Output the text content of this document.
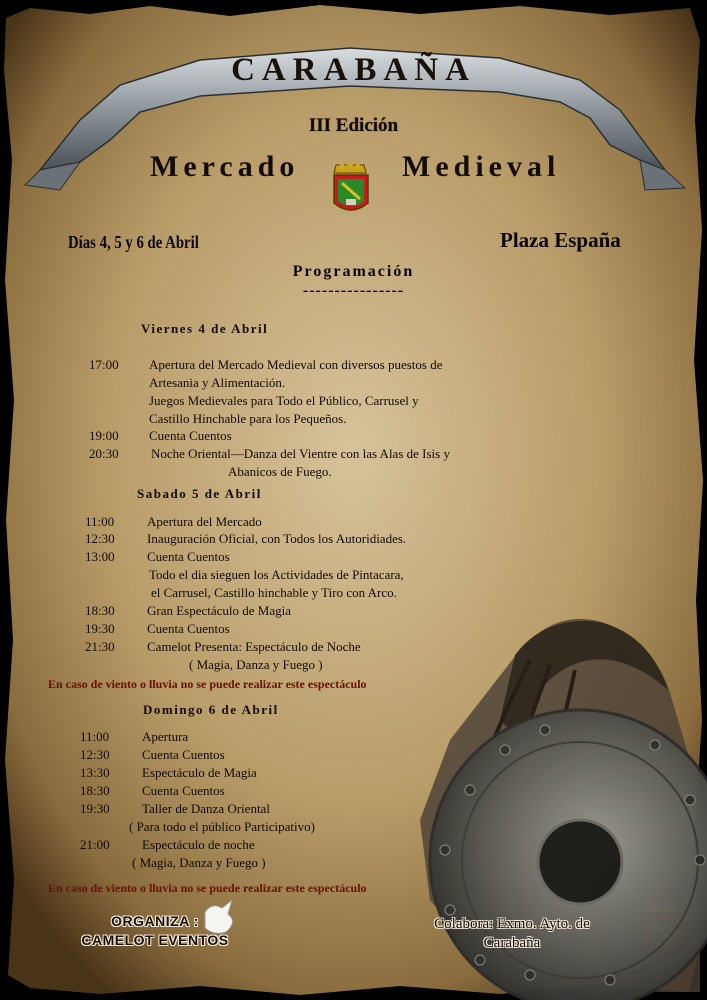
CARABAÑA
III Edición
Mercado	Medieval
Días 4, 5 y 6 de Abril	Plaza España
Programación
----------------
Viernes 4 de Abril
17:00 Apertura del Mercado Medieval con diversos puestos de
Artesania y Alimentación.
Juegos Medievales para Todo el Público, Carrusel y
Castillo Hinchable para los Pequeños.
19:00 Cuenta Cuentos
20:30 Noche Oriental—Danza del Vientre con las Alas de Isis y
Abanicos de Fuego.
Sabado 5 de Abril
11:00	Apertura del Mercado
12:30 Inauguración Oficial, con Todos los Autoridiades.
13:00 Cuenta Cuentos
Todo el dia sieguen los Actividades de Pintacara,
el Carrusel, Castillo hinchable y Tiro con Arco.
18:30 Gran Espectáculo de Magia
19:30 Cuenta Cuentos
21:30 Camelot Presenta: Espectáculo de Noche
( Magia, Danza y Fuego )
En caso de viento o lluvia no se puede realizar este espectáculo
Domingo 6 de Abril
11:00	Apertura
12:30 Cuenta Cuentos
13:30 Espectáculo de Magia
18:30 Cuenta Cuentos
19:30 Taller de Danza Oriental
( Para todo el público Participativo)
21:00 Espectáculo de noche
( Magia, Danza y Fuego )
En caso de viento o lluvia no se puede realizar este espectáculo
ORGANIZA :
CAMELOT EVENTOS
Colabora: Exmo. Ayto. de
Carabaña
